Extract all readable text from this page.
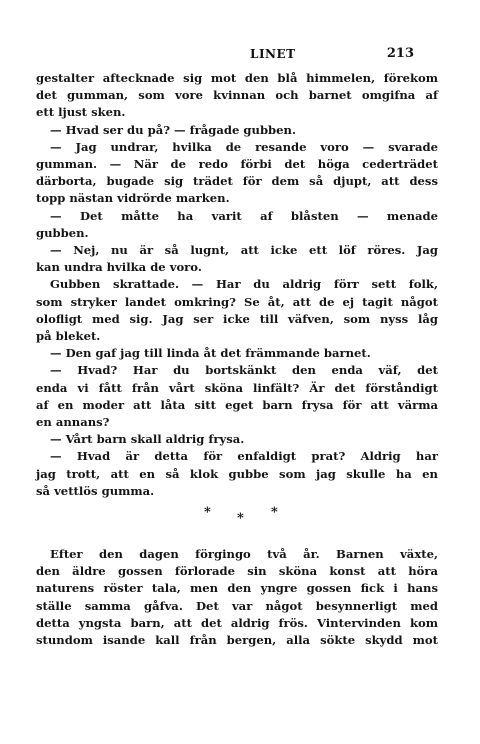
LINET	213
gestalter aftecknade sig mot den blå himmelen, förekom
det gumman, som vore kvinnan och barnet omgifna af
ett ljust sken.
— Hvad ser du på? — frågade gubben.
— Jag undrar, hvilka de resande voro — svarade
gumman. — När de redo förbi det höga cederträdet
därborta, bugade sig trädet för dem så djupt, att dess
topp nästan vidrörde marken.
— Det måtte ha varit af blåsten — menade
gubben.
— Nej, nu är så lugnt, att icke ett löf röres. Jag
kan undra hvilka de voro.
Gubben skrattade. — Har du aldrig förr sett folk,
som stryker landet omkring? Se åt, att de ej tagit något
olofligt med sig. Jag ser icke till väfven, som nyss låg
på bleket.
— Den gaf jag till linda åt det främmande barnet.
— Hvad? Har du bortskänkt den enda väf, det
enda vi fått från vårt sköna linfält? Är det förståndigt
af en moder att låta sitt eget barn frysa för att värma
en annans?
— Vårt barn skall aldrig frysa.
— Hvad är detta för enfaldigt prat? Aldrig har
jag trott, att en så klok gubbe som jag skulle ha en
så vettlös gumma.
* * *
Efter den dagen förgingo två år. Barnen växte,
den äldre gossen förlorade sin sköna konst att höra
naturens röster tala, men den yngre gossen fick i hans
ställe samma gåfva. Det var något besynnerligt med
detta yngsta barn, att det aldrig frös. Vintervinden kom
stundom isande kall från bergen, alla sökte skydd mot
